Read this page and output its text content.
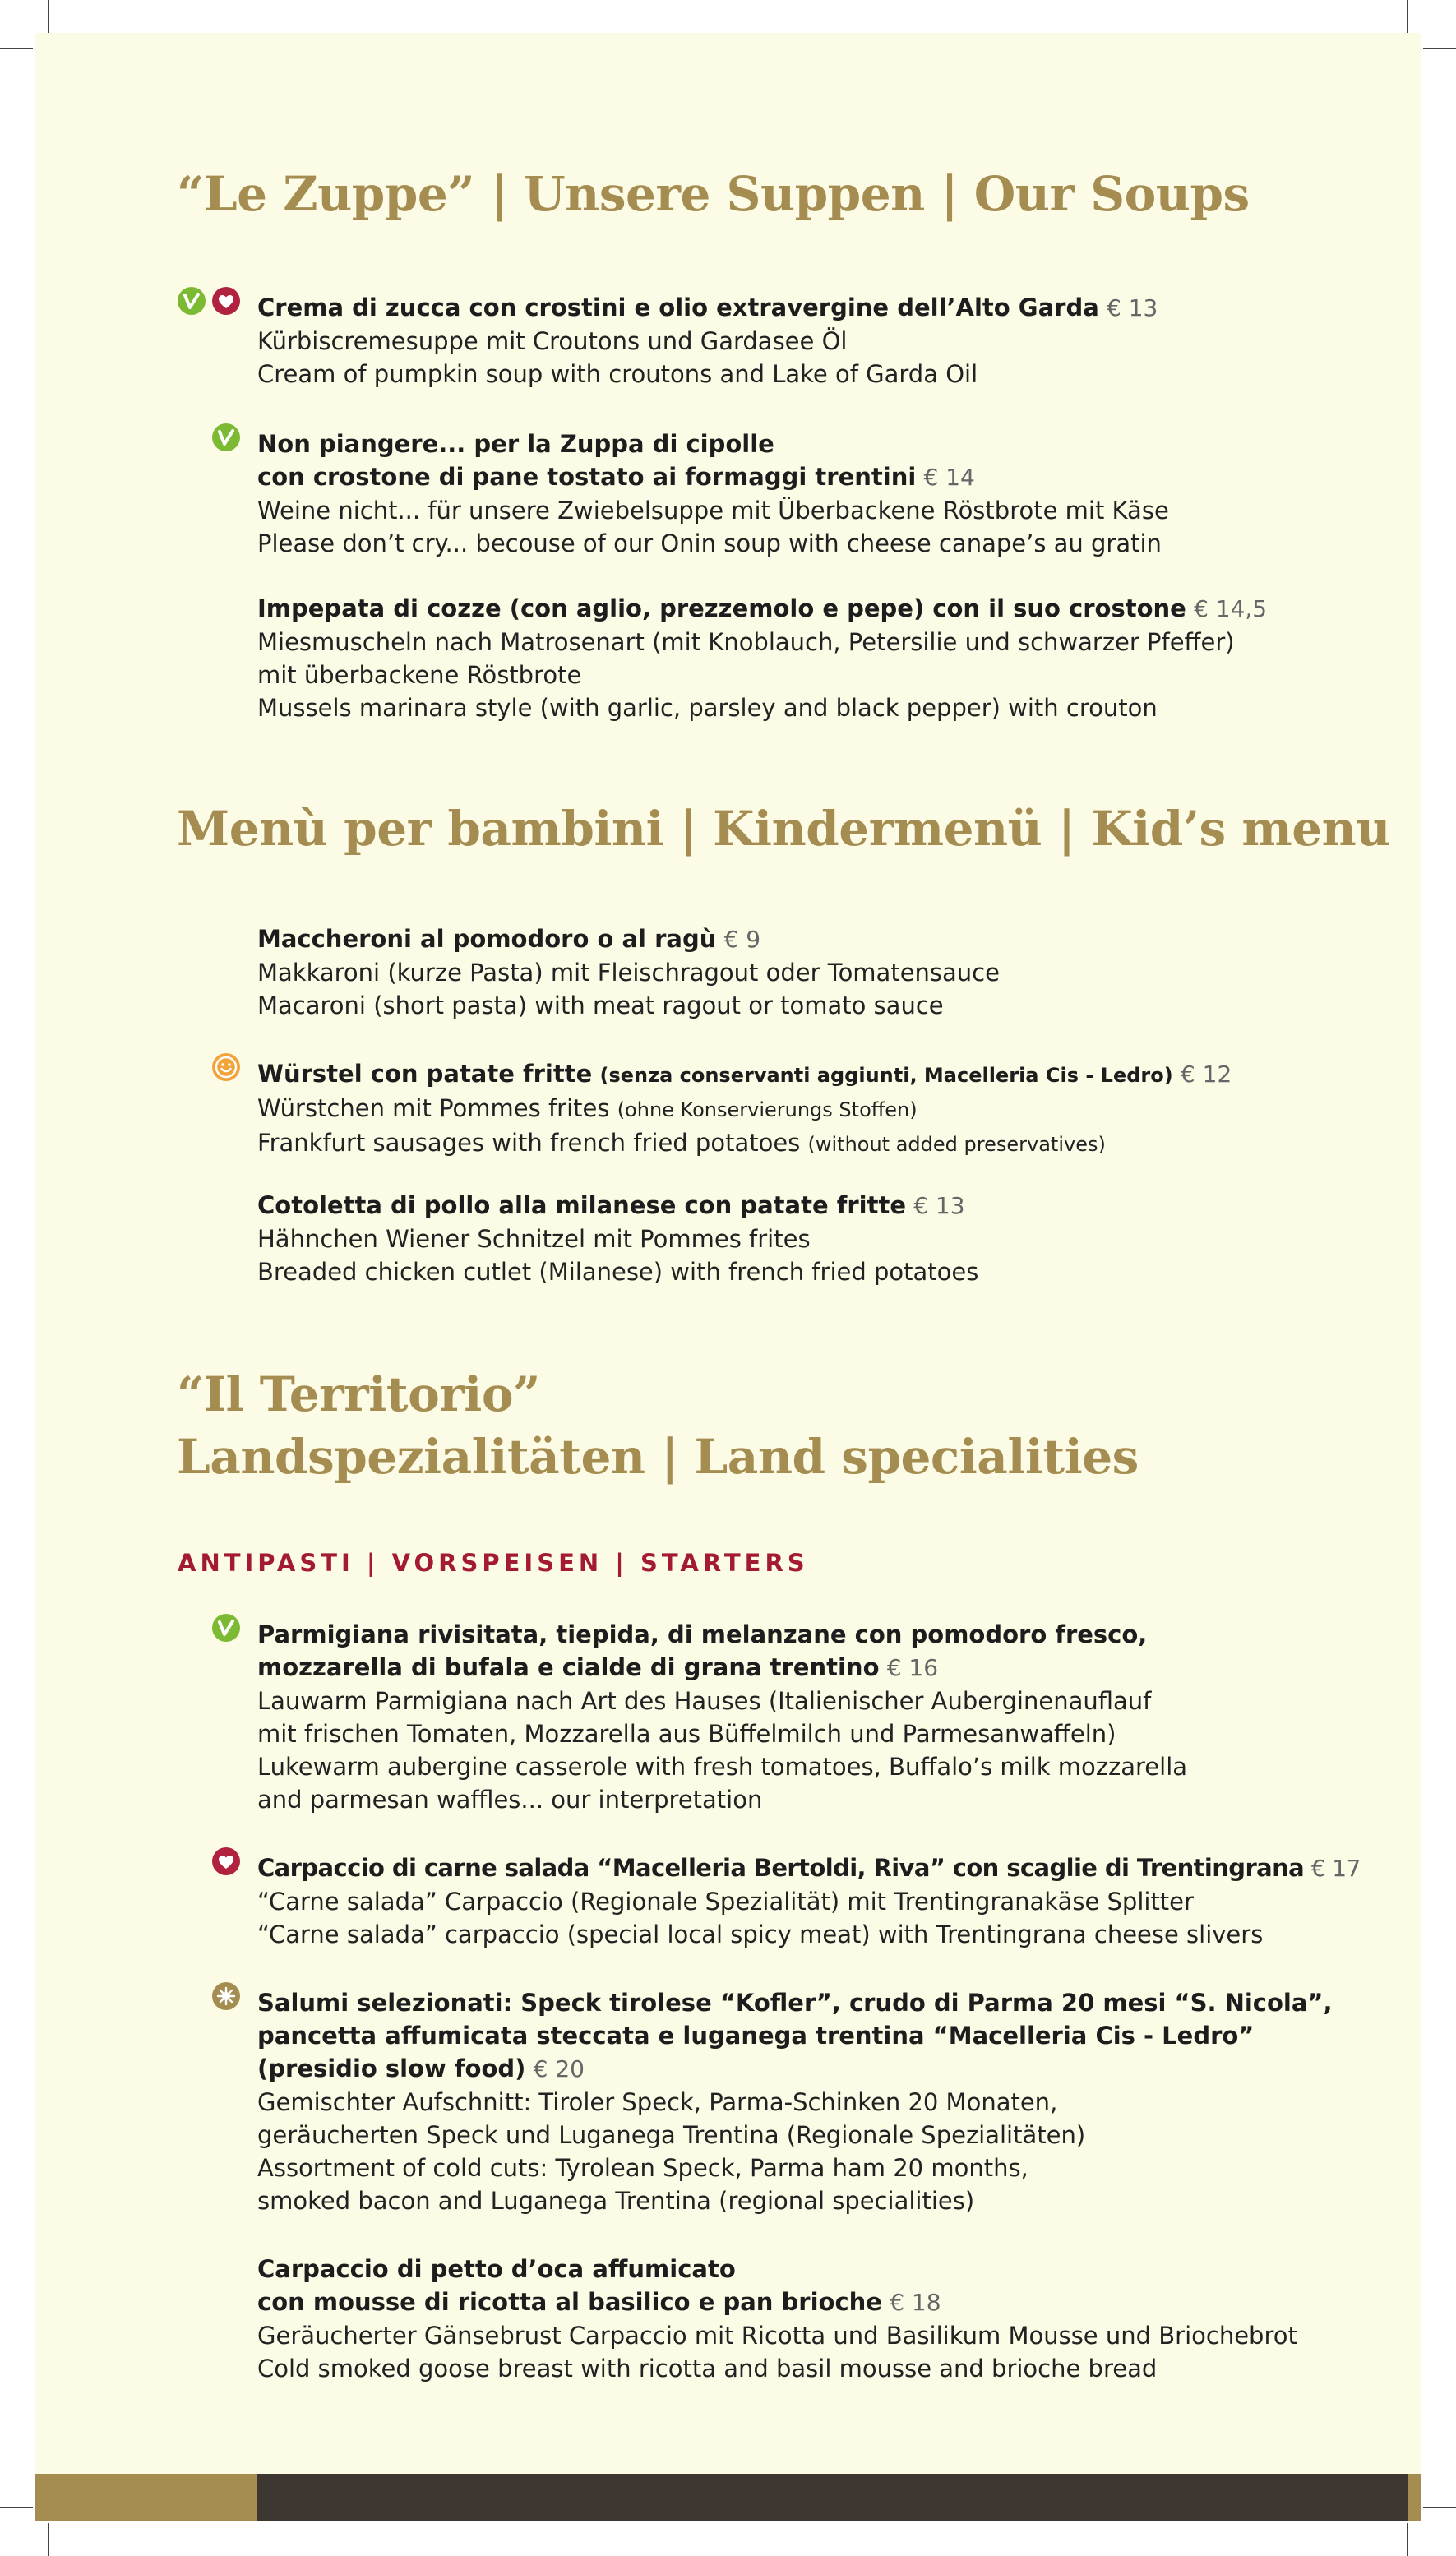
“Le Zuppe” | Unsere Suppen | Our Soups
Crema di zucca con crostini e olio extravergine dell’Alto Garda € 13
Kürbiscremesuppe mit Croutons und Gardasee Öl
Cream of pumpkin soup with croutons and Lake of Garda Oil
Non piangere... per la Zuppa di cipolle
con crostone di pane tostato ai formaggi trentini € 14
Weine nicht... für unsere Zwiebelsuppe mit Überbackene Röstbrote mit Käse
Please don’t cry... becouse of our Onin soup with cheese canape’s au gratin
Impepata di cozze (con aglio, prezzemolo e pepe) con il suo crostone € 14,5
Miesmuscheln nach Matrosenart (mit Knoblauch, Petersilie und schwarzer Pfeffer)
mit überbackene Röstbrote
Mussels marinara style (with garlic, parsley and black pepper) with crouton
Menù per bambini | Kindermenü | Kid’s menu
Maccheroni al pomodoro o al ragù € 9
Makkaroni (kurze Pasta) mit Fleischragout oder Tomatensauce
Macaroni (short pasta) with meat ragout or tomato sauce
Würstel con patate fritte (senza conservanti aggiunti, Macelleria Cis - Ledro) € 12
Würstchen mit Pommes frites (ohne Konservierungs Stoffen)
Frankfurt sausages with french fried potatoes (without added preservatives)
Cotoletta di pollo alla milanese con patate fritte € 13
Hähnchen Wiener Schnitzel mit Pommes frites
Breaded chicken cutlet (Milanese) with french fried potatoes
“Il Territorio”
Landspezialitäten | Land specialities
ANTIPASTI | VORSPEISEN | STARTERS
Parmigiana rivisitata, tiepida, di melanzane con pomodoro fresco,
mozzarella di bufala e cialde di grana trentino € 16
Lauwarm Parmigiana nach Art des Hauses (Italienischer Auberginenauflauf
mit frischen Tomaten, Mozzarella aus Büffelmilch und Parmesanwaffeln)
Lukewarm aubergine casserole with fresh tomatoes, Buffalo’s milk mozzarella
and parmesan waffles... our interpretation
Carpaccio di carne salada “Macelleria Bertoldi, Riva” con scaglie di Trentingrana € 17
“Carne salada” Carpaccio (Regionale Spezialität) mit Trentingranakäse Splitter
“Carne salada” carpaccio (special local spicy meat) with Trentingrana cheese slivers
Salumi selezionati: Speck tirolese “Kofler”, crudo di Parma 20 mesi “S. Nicola”,
pancetta affumicata steccata e luganega trentina “Macelleria Cis - Ledro”
(presidio slow food) € 20
Gemischter Aufschnitt: Tiroler Speck, Parma-Schinken 20 Monaten,
geräucherten Speck und Luganega Trentina (Regionale Spezialitäten)
Assortment of cold cuts: Tyrolean Speck, Parma ham 20 months,
smoked bacon and Luganega Trentina (regional specialities)
Carpaccio di petto d’oca affumicato
con mousse di ricotta al basilico e pan brioche € 18
Geräucherter Gänsebrust Carpaccio mit Ricotta und Basilikum Mousse und Briochebrot
Cold smoked goose breast with ricotta and basil mousse and brioche bread
